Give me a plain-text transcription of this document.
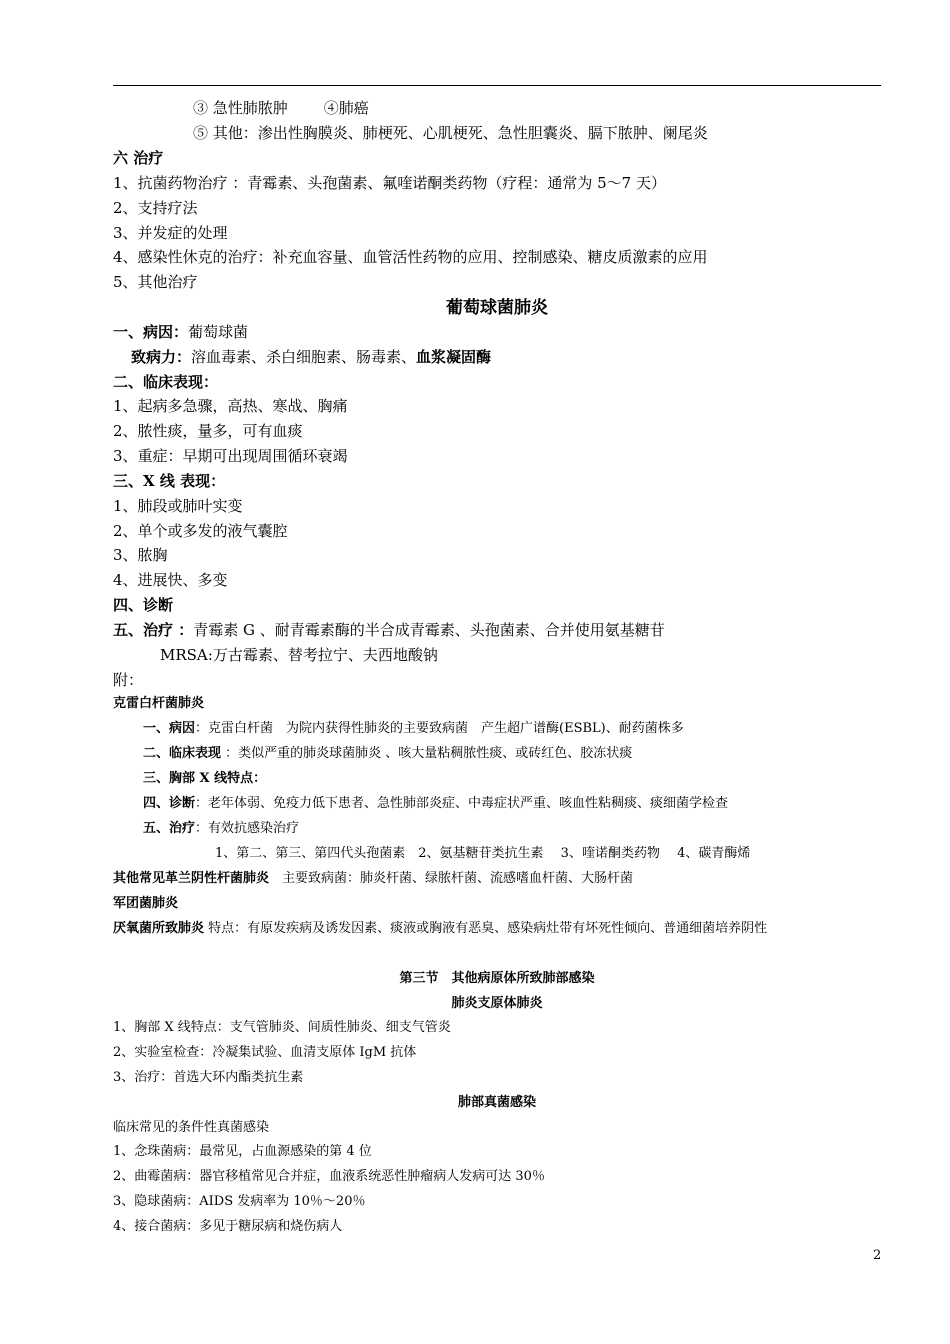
③ 急性肺脓肿 ④肺癌
⑤ 其他：渗出性胸膜炎、肺梗死、心肌梗死、急性胆囊炎、膈下脓肿、阑尾炎
六 治疗
1、抗菌药物治疗 ：青霉素、头孢菌素、氟喹诺酮类药物（疗程：通常为 5～7 天）
2、支持疗法
3、并发症的处理
4、感染性休克的治疗：补充血容量、血管活性药物的应用、控制感染、糖皮质激素的应用
5、其他治疗
葡萄球菌肺炎
一、病因：葡萄球菌
致病力：溶血毒素、杀白细胞素、肠毒素、血浆凝固酶
二、临床表现：
1、起病多急骤，高热、寒战、胸痛
2、脓性痰，量多，可有血痰
3、重症：早期可出现周围循环衰竭
三、X 线 表现：
1、肺段或肺叶实变
2、单个或多发的液气囊腔
3、脓胸
4、进展快、多变
四、诊断
五、治疗 ：青霉素 G 、耐青霉素酶的半合成青霉素、头孢菌素、合并使用氨基糖苷
MRSA:万古霉素、替考拉宁、夫西地酸钠
附：
克雷白杆菌肺炎
一、病因：克雷白杆菌　为院内获得性肺炎的主要致病菌　产生超广谱酶(ESBL)、耐药菌株多
二、临床表现 ：类似严重的肺炎球菌肺炎 、咳大量粘稠脓性痰、或砖红色、胶冻状痰
三、胸部 X 线特点：
四、诊断：老年体弱、免疫力低下患者、急性肺部炎症、中毒症状严重、咳血性粘稠痰、痰细菌学检查
五、治疗：有效抗感染治疗
1、第二、第三、第四代头孢菌素　2、氨基糖苷类抗生素　 3、喹诺酮类药物　 4、碳青酶烯
其他常见革兰阴性杆菌肺炎　主要致病菌：肺炎杆菌、绿脓杆菌、流感嗜血杆菌、大肠杆菌
军团菌肺炎
厌氧菌所致肺炎 特点：有原发疾病及诱发因素、痰液或胸液有恶臭、感染病灶带有坏死性倾向、普通细菌培养阴性
第三节　其他病原体所致肺部感染
肺炎支原体肺炎
1、胸部 X 线特点：支气管肺炎、间质性肺炎、细支气管炎
2、实验室检查：冷凝集试验、血清支原体 IgM 抗体
3、治疗：首选大环内酯类抗生素
肺部真菌感染
临床常见的条件性真菌感染
1、念珠菌病：最常见，占血源感染的第 4 位
2、曲霉菌病：器官移植常见合并症，血液系统恶性肿瘤病人发病可达 30％
3、隐球菌病：AIDS 发病率为 10％～20％
4、接合菌病：多见于糖尿病和烧伤病人
2
